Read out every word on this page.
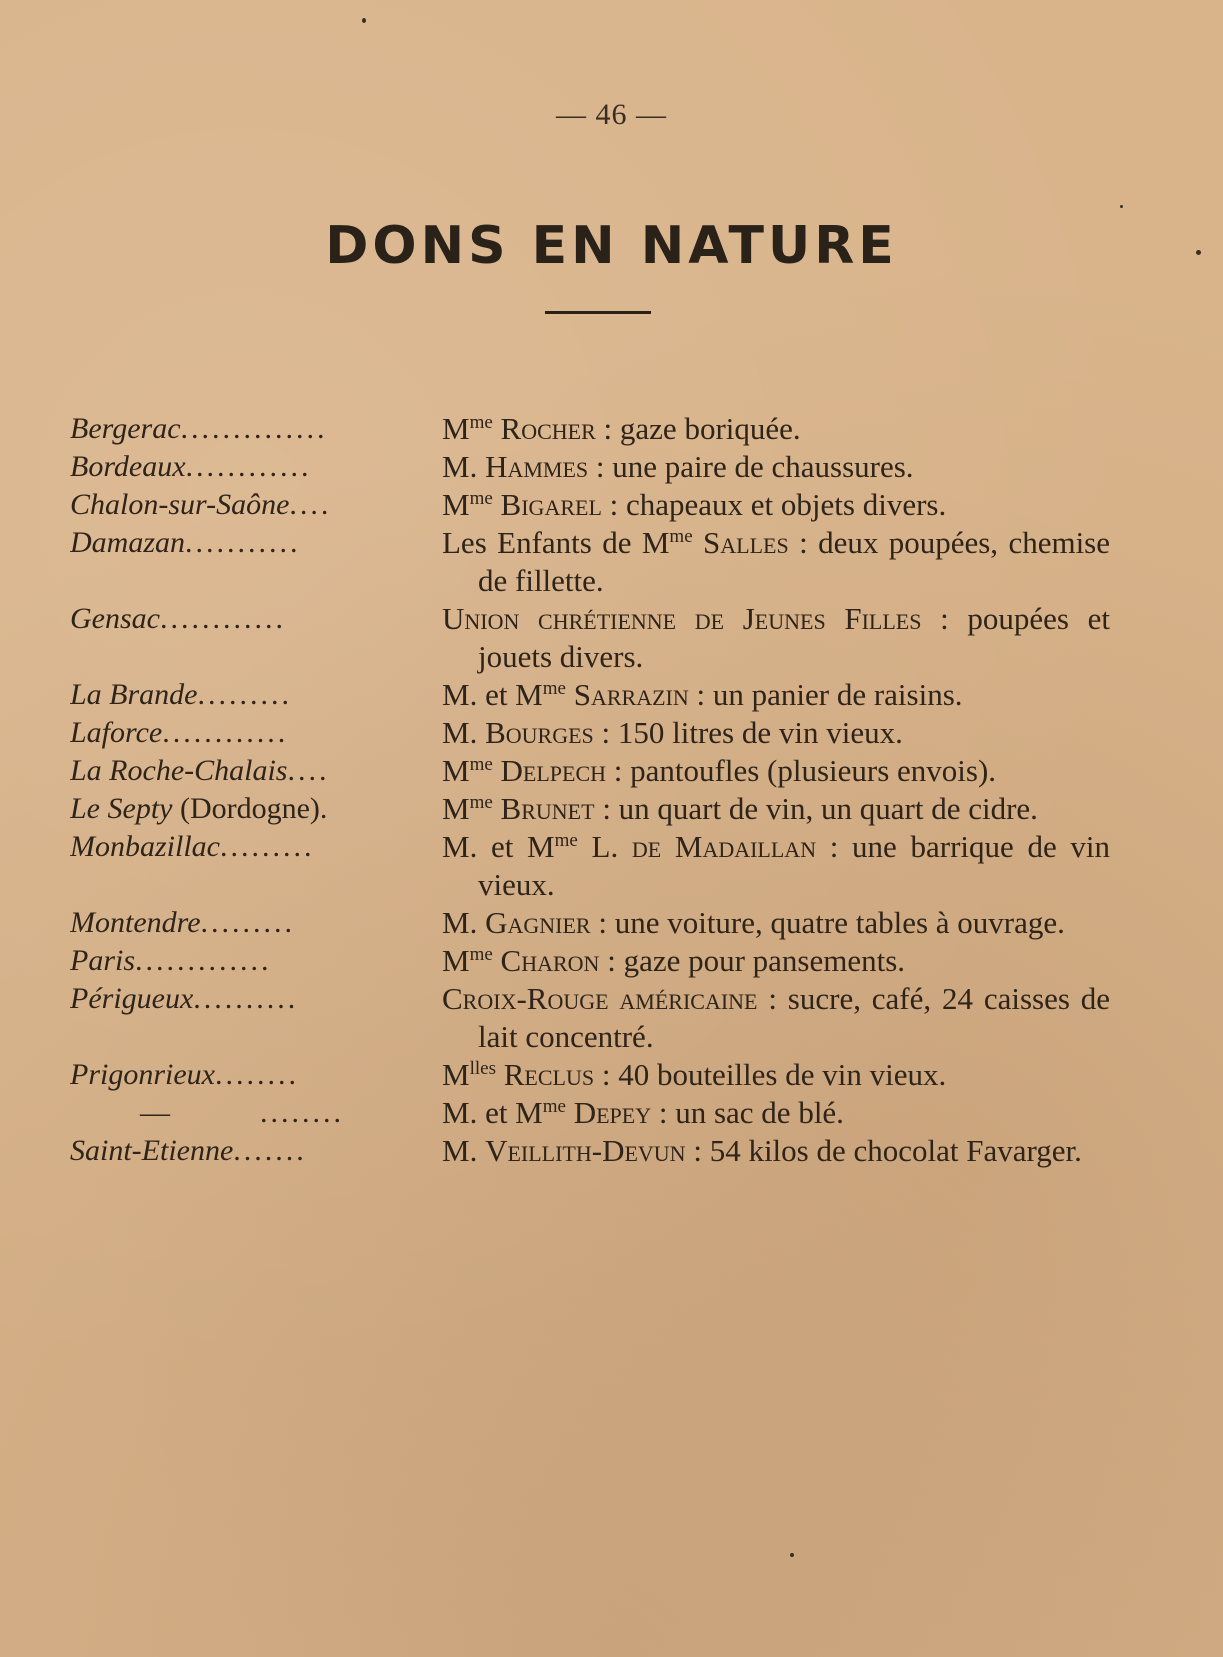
— 46 —
DONS EN NATURE
Bergerac..............	$M^{me}$ Rocher : gaze boriquée.
Bordeaux............	M. Hammes : une paire de chaussures.
Chalon-sur-Saône....	$M^{me}$ Bigarel : chapeaux et objets divers.
Damazan...........	Les Enfants de $M^{me}$ Salles : deux poupées, chemise de fillette.
Gensac............	Union chrétienne de Jeunes Filles : poupées et jouets divers.
La Brande.........	M. et $M^{me}$ Sarrazin : un panier de raisins.
Laforce............	M. Bourges : 150 litres de vin vieux.
La Roche-Chalais....	$M^{me}$ Delpech : pantoufles (plusieurs envois).
Le Septy (Dordogne).	$M^{me}$ Brunet : un quart de vin, un quart de cidre.
Monbazillac.........	M. et $M^{me}$ L. de Madaillan : une barrique de vin vieux.
Montendre.........	M. Gagnier : une voiture, quatre tables à ouvrage.
Paris.............	$M^{me}$ Charon : gaze pour pansements.
Périgueux..........	Croix-Rouge américaine : sucre, café, 24 caisses de lait concentré.
Prigonrieux........	$M^{lles}$ Reclus : 40 bouteilles de vin vieux.
—	........	M. et $M^{me}$ Depey : un sac de blé.
Saint-Etienne.......	M. Veillith-Devun : 54 kilos de chocolat Favarger.
